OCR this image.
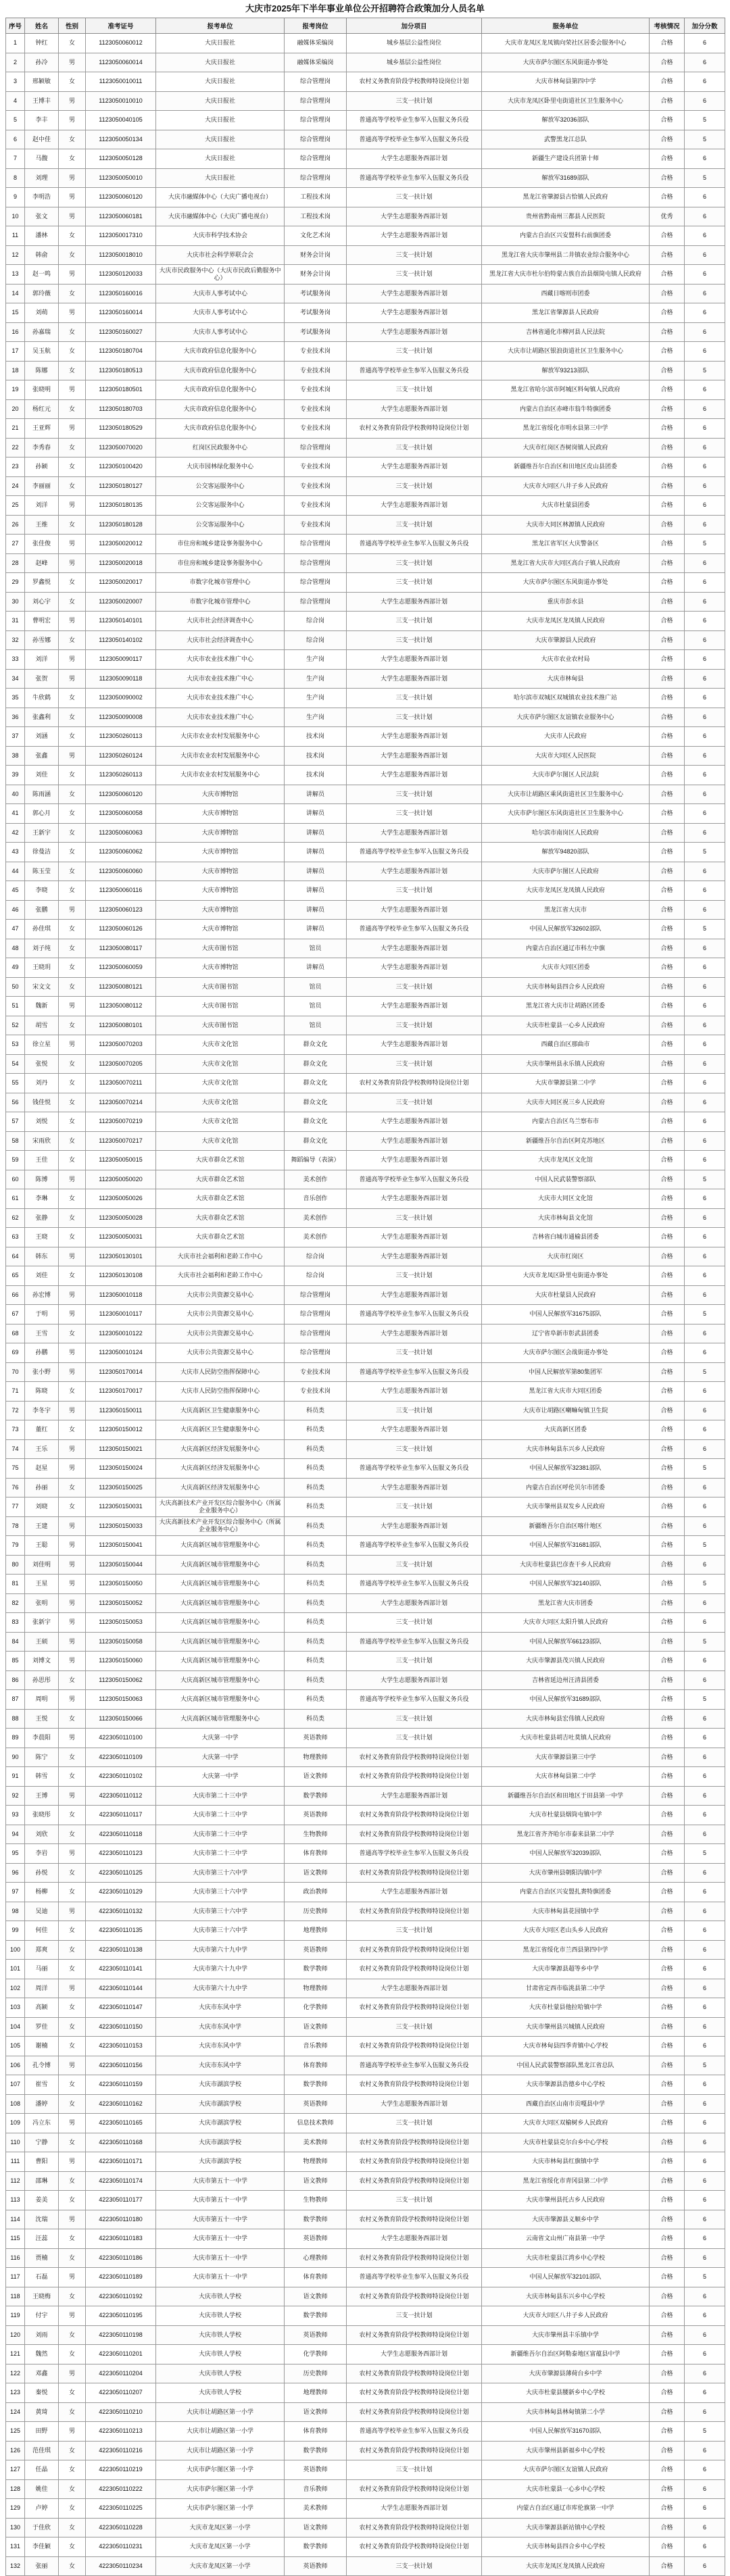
大庆市2025年下半年事业单位公开招聘符合政策加分人员名单
序号	姓名	性别	准考证号	报考单位	报考岗位	加分项目	服务单位	考核情况	加分分数
1	钟红	女	1123050060012	大庆日报社	融媒体采编岗	城乡基层公益性岗位	大庆市龙凤区龙凤镇向荣社区居委会服务中心	合格	6
2	孙冷	男	1123050060014	大庆日报社	融媒体采编岗	城乡基层公益性岗位	大庆市萨尔图区东风街道办事处	合格	6
3	邢颖敏	女	1123050010011	大庆日报社	综合管理岗	农村义务教育阶段学校教师特设岗位计划	大庆市林甸县第四中学	合格	6
4	王博丰	男	1123050010010	大庆日报社	综合管理岗	三支一扶计划	大庆市龙凤区卧里屯街道社区卫生服务中心	合格	6
5	李丰	男	1123050040105	大庆日报社	综合管理岗	普通高等学校毕业生参军入伍服义务兵役	解放军32036部队	合格	5
6	赵中佳	女	1123050050134	大庆日报社	综合管理岗	普通高等学校毕业生参军入伍服义务兵役	武警黑龙江总队	合格	5
7	马馥	女	1123050050128	大庆日报社	综合管理岗	大学生志愿服务西部计划	新疆生产建设兵团第十师	合格	6
8	刘理	男	1123050050010	大庆日报社	综合管理岗	普通高等学校毕业生参军入伍服义务兵役	解放军31689部队	合格	5
9	李明浩	男	1123050060120	大庆市融媒体中心（大庆广播电视台）	工程技术岗	三支一扶计划	黑龙江省肇源县古恰镇人民政府	合格	6
10	张文	男	1123050060181	大庆市融媒体中心（大庆广播电视台）	工程技术岗	大学生志愿服务西部计划	贵州省黔南州三都县人民医院	优秀	6
11	潘林	女	1123050017310	大庆市科学技术协会	文化艺术岗	大学生志愿服务西部计划	内蒙古自治区兴安盟科右前旗团委	合格	6
12	韩俞	女	1123050018010	大庆市社会科学界联合会	财务会计岗	三支一扶计划	黑龙江省大庆市肇州县二井镇农业综合服务中心	合格	6
13	赵一鸣	男	1123050120033	大庆市民政服务中心（大庆市民政后勤服务中心）	财务会计岗	三支一扶计划	黑龙江省大庆市杜尔伯特蒙古族自治县烟筒屯镇人民政府	合格	6
14	郭玲薇	女	1123050160016	大庆市人事考试中心	考试服务岗	大学生志愿服务西部计划	西藏日喀则市团委	合格	6
15	刘萌	男	1123050160014	大庆市人事考试中心	考试服务岗	大学生志愿服务西部计划	黑龙江省肇源县人民政府	合格	6
16	孙嘉瑞	女	1123050160027	大庆市人事考试中心	考试服务岗	大学生志愿服务西部计划	吉林省通化市柳河县人民法院	合格	6
17	吴玉航	女	1123050180704	大庆市政府信息化服务中心	专业技术岗	三支一扶计划	大庆市让胡路区银浪街道社区卫生服务中心	合格	6
18	陈娜	女	1123050180513	大庆市政府信息化服务中心	专业技术岗	普通高等学校毕业生参军入伍服义务兵役	解放军93213部队	合格	5
19	张晓明	男	1123050180501	大庆市政府信息化服务中心	专业技术岗	三支一扶计划	黑龙江省哈尔滨市阿城区料甸镇人民政府	合格	6
20	杨红元	女	1123050180703	大庆市政府信息化服务中心	专业技术岗	大学生志愿服务西部计划	内蒙古自治区赤峰市翁牛特旗团委	合格	6
21	王亚辉	男	1123050180529	大庆市政府信息化服务中心	专业技术岗	农村义务教育阶段学校教师特设岗位计划	黑龙江省绥化市明水县第三中学	合格	6
22	李秀春	女	1123050070020	红岗区民政服务中心	综合管理岗	三支一扶计划	大庆市红岗区杏树岗镇人民政府	合格	6
23	孙颖	女	1123050100420	大庆市园林绿化服务中心	专业技术岗	大学生志愿服务西部计划	新疆维吾尔自治区和田地区皮山县团委	合格	6
24	李丽丽	女	1123050180127	公交客运服务中心	专业技术岗	三支一扶计划	大庆市大同区八井子乡人民政府	合格	6
25	刘洋	男	1123050180135	公交客运服务中心	专业技术岗	大学生志愿服务西部计划	大庆市杜蒙县团委	合格	6
26	王维	女	1123050180128	公交客运服务中心	专业技术岗	三支一扶计划	大庆市大同区林源镇人民政府	合格	6
27	张佳俊	男	1123050020012	市住房和城乡建设事务服务中心	综合管理岗	普通高等学校毕业生参军入伍服义务兵役	黑龙江省军区大庆警备区	合格	5
28	赵峰	男	1123050020018	市住房和城乡建设事务服务中心	综合管理岗	三支一扶计划	黑龙江省大庆市大同区高台子镇人民政府	合格	6
29	罗鑫悦	女	1123050020017	市数字化城市管理中心	综合管理岗	三支一扶计划	大庆市萨尔图区东风街道办事处	合格	6
30	刘心宇	女	1123050020007	市数字化城市管理中心	综合管理岗	大学生志愿服务西部计划	重庆市彭水县	合格	6
31	曹明宏	男	1123050140101	大庆市社会经济调查中心	综合岗	三支一扶计划	大庆市龙凤区龙凤镇人民政府	合格	6
32	孙雪娜	女	1123050140102	大庆市社会经济调查中心	综合岗	三支一扶计划	大庆市肇源县人民政府	合格	6
33	刘洋	男	1123050090117	大庆市农业技术推广中心	生产岗	大学生志愿服务西部计划	大庆市农业农村局	合格	6
34	张贺	男	1123050090118	大庆市农业技术推广中心	生产岗	大学生志愿服务西部计划	大庆市林甸县	合格	6
35	牛欣鹤	女	1123050090002	大庆市农业技术推广中心	生产岗	三支一扶计划	哈尔滨市双城区双城镇农业技术推广站	合格	6
36	张鑫利	女	1123050090008	大庆市农业技术推广中心	生产岗	三支一扶计划	大庆市萨尔图区友谊镇农业服务中心	合格	6
37	刘涵	女	1123050260113	大庆市农业农村发展服务中心	技术岗	大学生志愿服务西部计划	大庆市人民政府	合格	6
38	张鑫	男	1123050260124	大庆市农业农村发展服务中心	技术岗	大学生志愿服务西部计划	大庆市大同区人民医院	合格	6
39	刘佳	女	1123050260113	大庆市农业农村发展服务中心	技术岗	大学生志愿服务西部计划	大庆市萨尔图区人民法院	合格	6
40	陈雨涵	女	1123050060120	大庆市博物馆	讲解员	三支一扶计划	大庆市让胡路区乘风街道社区卫生服务中心	合格	6
41	郭心月	女	1123050060058	大庆市博物馆	讲解员	三支一扶计划	大庆市萨尔图区东风街道社区卫生服务中心	合格	6
42	王新宇	女	1123050060063	大庆市博物馆	讲解员	大学生志愿服务西部计划	哈尔滨市南岗区人民政府	合格	6
43	徐曼洁	女	1123050060062	大庆市博物馆	讲解员	普通高等学校毕业生参军入伍服义务兵役	解放军94820部队	合格	5
44	陈玉莹	女	1123050060060	大庆市博物馆	讲解员	大学生志愿服务西部计划	大庆市萨尔图区人民政府	合格	6
45	李晓	女	1123050060116	大庆市博物馆	讲解员	三支一扶计划	大庆市龙凤区龙凤镇人民政府	合格	6
46	张鹏	男	1123050060123	大庆市博物馆	讲解员	大学生志愿服务西部计划	黑龙江省大庆市	合格	6
47	孙佳琪	女	1123050060126	大庆市博物馆	讲解员	普通高等学校毕业生参军入伍服义务兵役	中国人民解放军32602部队	合格	5
48	刘子纯	女	1123050080117	大庆市图书馆	馆员	大学生志愿服务西部计划	内蒙古自治区通辽市科左中旗	合格	6
49	王晓玥	女	1123050060059	大庆市博物馆	讲解员	大学生志愿服务西部计划	大庆市大同区团委	合格	6
50	宋文文	女	1123050080121	大庆市图书馆	馆员	三支一扶计划	大庆市林甸县四合乡人民政府	合格	6
51	魏新	男	1123050080112	大庆市图书馆	馆员	大学生志愿服务西部计划	黑龙江省大庆市让胡路区团委	合格	6
52	胡雪	女	1123050080101	大庆市图书馆	馆员	三支一扶计划	大庆市杜蒙县一心乡人民政府	合格	6
53	徐立星	男	1123050070203	大庆市文化馆	群众文化	大学生志愿服务西部计划	西藏自治区那曲市	合格	6
54	张悦	女	1123050070205	大庆市文化馆	群众文化	三支一扶计划	大庆市肇州县永乐镇人民政府	合格	6
55	刘丹	女	1123050070211	大庆市文化馆	群众文化	农村义务教育阶段学校教师特设岗位计划	大庆市肇源县第二中学	合格	6
56	钱佳悦	女	1123050070214	大庆市文化馆	群众文化	三支一扶计划	大庆市大同区祝三乡人民政府	合格	6
57	刘悦	女	1123050070219	大庆市文化馆	群众文化	大学生志愿服务西部计划	内蒙古自治区乌兰察布市	合格	6
58	宋雨欣	女	1123050070217	大庆市文化馆	群众文化	大学生志愿服务西部计划	新疆维吾尔自治区阿克苏地区	合格	6
59	王佳	女	1123050050015	大庆市群众艺术馆	舞蹈编导（表演）	大学生志愿服务西部计划	大庆市龙凤区文化馆	合格	6
60	陈博	男	1123050050020	大庆市群众艺术馆	美术创作	普通高等学校毕业生参军入伍服义务兵役	中国人民武装警察部队	合格	5
61	李琳	女	1123050050026	大庆市群众艺术馆	音乐创作	大学生志愿服务西部计划	大庆市大同区文化馆	合格	6
62	张静	女	1123050050028	大庆市群众艺术馆	美术创作	三支一扶计划	大庆市林甸县文化馆	合格	6
63	王晓	女	1123050050031	大庆市群众艺术馆	美术创作	大学生志愿服务西部计划	吉林省白城市通榆县团委	合格	6
64	韩东	男	1123050130101	大庆市社会福利和老龄工作中心	综合岗	大学生志愿服务西部计划	大庆市红岗区	合格	6
65	刘佳	女	1123050130108	大庆市社会福利和老龄工作中心	综合岗	三支一扶计划	大庆市龙凤区卧里屯街道办事处	合格	6
66	孙宏博	男	1123050010118	大庆市公共资源交易中心	综合管理岗	大学生志愿服务西部计划	大庆市杜蒙县人民政府	合格	6
67	于明	男	1123050010117	大庆市公共资源交易中心	综合管理岗	普通高等学校毕业生参军入伍服义务兵役	中国人民解放军31675部队	合格	5
68	王雪	女	1123050010122	大庆市公共资源交易中心	综合管理岗	大学生志愿服务西部计划	辽宁省阜新市彰武县团委	合格	6
69	孙鹏	男	1123050010124	大庆市公共资源交易中心	综合管理岗	三支一扶计划	大庆市萨尔图区会战街道办事处	合格	6
70	张小野	男	1123050170014	大庆市人民防空指挥保障中心	专业技术岗	普通高等学校毕业生参军入伍服义务兵役	中国人民解放军第80集团军	合格	5
71	陈晓	女	1123050170017	大庆市人民防空指挥保障中心	专业技术岗	大学生志愿服务西部计划	黑龙江省大庆市大同区团委	合格	6
72	李冬宇	男	1123050150011	大庆高新区卫生健康服务中心	科员类	三支一扶计划	大庆市让胡路区喇嘛甸镇卫生院	合格	6
73	董红	女	1123050150012	大庆高新区卫生健康服务中心	科员类	大学生志愿服务西部计划	大庆高新区团委	合格	6
74	王乐	男	1123050150021	大庆高新区经济发展服务中心	科员类	三支一扶计划	大庆市林甸县东兴乡人民政府	合格	6
75	赵星	男	1123050150024	大庆高新区经济发展服务中心	科员类	普通高等学校毕业生参军入伍服义务兵役	中国人民解放军32381部队	合格	5
76	孙丽	女	1123050150025	大庆高新区经济发展服务中心	科员类	大学生志愿服务西部计划	内蒙古自治区呼伦贝尔市团委	合格	6
77	刘晓	女	1123050150031	大庆高新技术产业开发区综合服务中心（所属企业服务中心）	科员类	三支一扶计划	大庆市肇州县双发乡人民政府	合格	6
78	王建	男	1123050150033	大庆高新技术产业开发区综合服务中心（所属企业服务中心）	科员类	大学生志愿服务西部计划	新疆维吾尔自治区喀什地区	合格	6
79	王聪	男	1123050150041	大庆高新区城市管理服务中心	科员类	普通高等学校毕业生参军入伍服义务兵役	中国人民解放军31681部队	合格	5
80	刘佳明	男	1123050150044	大庆高新区城市管理服务中心	科员类	三支一扶计划	大庆市杜蒙县巴彦查干乡人民政府	合格	6
81	王星	男	1123050150050	大庆高新区城市管理服务中心	科员类	普通高等学校毕业生参军入伍服义务兵役	中国人民解放军32140部队	合格	5
82	张明	男	1123050150052	大庆高新区城市管理服务中心	科员类	大学生志愿服务西部计划	黑龙江省大庆市团委	合格	6
83	张新宇	男	1123050150053	大庆高新区城市管理服务中心	科员类	三支一扶计划	大庆市大同区太阳升镇人民政府	合格	6
84	王硕	男	1123050150058	大庆高新区城市管理服务中心	科员类	普通高等学校毕业生参军入伍服义务兵役	中国人民解放军66123部队	合格	5
85	刘博文	男	1123050150060	大庆高新区城市管理服务中心	科员类	三支一扶计划	大庆市肇源县茂兴镇人民政府	合格	6
86	孙思彤	女	1123050150062	大庆高新区城市管理服务中心	科员类	大学生志愿服务西部计划	吉林省延边州汪清县团委	合格	6
87	周明	男	1123050150063	大庆高新区城市管理服务中心	科员类	普通高等学校毕业生参军入伍服义务兵役	中国人民解放军31689部队	合格	5
88	王悦	女	1123050150066	大庆高新区城市管理服务中心	科员类	三支一扶计划	大庆市林甸县宏伟镇人民政府	合格	6
89	李晨阳	男	4223050110100	大庆第一中学	英语教师	三支一扶计划	大庆市杜蒙县胡吉吐莫镇人民政府	合格	6
90	陈宁	女	4223050110109	大庆第一中学	物理教师	农村义务教育阶段学校教师特设岗位计划	大庆市肇源县第三中学	合格	6
91	韩雪	女	4223050110102	大庆第一中学	语文教师	农村义务教育阶段学校教师特设岗位计划	大庆市林甸县第二中学	合格	6
92	王博	男	4223050110112	大庆市第二十三中学	数学教师	大学生志愿服务西部计划	新疆维吾尔自治区和田地区于田县第一中学	合格	6
93	张晓彤	女	4223050110117	大庆市第二十三中学	英语教师	农村义务教育阶段学校教师特设岗位计划	大庆市杜蒙县烟筒屯镇中学	合格	6
94	刘欣	女	4223050110118	大庆市第二十三中学	生物教师	农村义务教育阶段学校教师特设岗位计划	黑龙江省齐齐哈尔市泰来县第二中学	合格	6
95	李岩	男	4223050110123	大庆市第二十三中学	体育教师	普通高等学校毕业生参军入伍服义务兵役	中国人民解放军32039部队	合格	5
96	孙悦	女	4223050110125	大庆市第三十六中学	语文教师	农村义务教育阶段学校教师特设岗位计划	大庆市肇州县朝阳沟镇中学	合格	6
97	杨柳	女	4223050110129	大庆市第三十六中学	政治教师	大学生志愿服务西部计划	内蒙古自治区兴安盟扎赉特旗团委	合格	6
98	吴迪	男	4223050110132	大庆市第三十六中学	历史教师	农村义务教育阶段学校教师特设岗位计划	大庆市林甸县花园镇中学	合格	6
99	何佳	女	4223050110135	大庆市第三十六中学	地理教师	三支一扶计划	大庆市大同区老山头乡人民政府	合格	6
100	郑爽	女	4223050110138	大庆市第六十九中学	英语教师	农村义务教育阶段学校教师特设岗位计划	黑龙江省绥化市兰西县第四中学	合格	6
101	马丽	女	4223050110141	大庆市第六十九中学	数学教师	农村义务教育阶段学校教师特设岗位计划	大庆市肇源县超等乡中学	合格	6
102	周洋	男	4223050110144	大庆市第六十九中学	物理教师	大学生志愿服务西部计划	甘肃省定西市临洮县第二中学	合格	6
103	高颖	女	4223050110147	大庆市东风中学	化学教师	农村义务教育阶段学校教师特设岗位计划	大庆市杜蒙县他拉哈镇中学	合格	6
104	罗佳	女	4223050110150	大庆市东风中学	语文教师	三支一扶计划	大庆市肇州县兴城镇人民政府	合格	6
105	谢楠	女	4223050110153	大庆市东风中学	音乐教师	农村义务教育阶段学校教师特设岗位计划	大庆市林甸县四季青镇中心学校	合格	6
106	孔令博	男	4223050110156	大庆市东风中学	体育教师	普通高等学校毕业生参军入伍服义务兵役	中国人民武装警察部队黑龙江省总队	合格	5
107	崔雪	女	4223050110159	大庆市湖滨学校	数学教师	农村义务教育阶段学校教师特设岗位计划	大庆市肇源县浩德乡中心学校	合格	6
108	潘婷	女	4223050110162	大庆市湖滨学校	英语教师	大学生志愿服务西部计划	西藏自治区山南市贡嘎县中学	合格	6
109	冯立东	男	4223050110165	大庆市湖滨学校	信息技术教师	三支一扶计划	大庆市大同区双榆树乡人民政府	合格	6
110	宁静	女	4223050110168	大庆市湖滨学校	美术教师	农村义务教育阶段学校教师特设岗位计划	大庆市杜蒙县克尔台乡中心学校	合格	6
111	曹阳	男	4223050110171	大庆市湖滨学校	物理教师	农村义务教育阶段学校教师特设岗位计划	大庆市林甸县红旗镇中学	合格	6
112	邵琳	女	4223050110174	大庆市第五十一中学	语文教师	农村义务教育阶段学校教师特设岗位计划	黑龙江省绥化市青冈县第二中学	合格	6
113	姜美	女	4223050110177	大庆市第五十一中学	生物教师	三支一扶计划	大庆市肇州县托古乡人民政府	合格	6
114	沈瑞	男	4223050110180	大庆市第五十一中学	数学教师	农村义务教育阶段学校教师特设岗位计划	大庆市肇源县义顺乡中学	合格	6
115	汪蕊	女	4223050110183	大庆市第五十一中学	英语教师	大学生志愿服务西部计划	云南省文山州广南县第一中学	合格	6
116	贾楠	女	4223050110186	大庆市第五十一中学	心理教师	农村义务教育阶段学校教师特设岗位计划	大庆市杜蒙县江湾乡中心学校	合格	6
117	石磊	男	4223050110189	大庆市第五十一中学	体育教师	普通高等学校毕业生参军入伍服义务兵役	中国人民解放军32101部队	合格	5
118	王晓梅	女	4223050110192	大庆市铁人学校	语文教师	农村义务教育阶段学校教师特设岗位计划	大庆市林甸县东兴乡中心学校	合格	6
119	付宇	男	4223050110195	大庆市铁人学校	数学教师	三支一扶计划	大庆市大同区八井子乡人民政府	合格	6
120	刘雨	女	4223050110198	大庆市铁人学校	英语教师	农村义务教育阶段学校教师特设岗位计划	大庆市肇州县丰乐镇中学	合格	6
121	魏然	女	4223050110201	大庆市铁人学校	化学教师	大学生志愿服务西部计划	新疆维吾尔自治区阿勒泰地区富蕴县中学	合格	6
122	邓鑫	男	4223050110204	大庆市铁人学校	历史教师	农村义务教育阶段学校教师特设岗位计划	大庆市肇源县薄荷台乡中学	合格	6
123	秦悦	女	4223050110207	大庆市铁人学校	地理教师	农村义务教育阶段学校教师特设岗位计划	大庆市杜蒙县腰新乡中心学校	合格	6
124	黄琦	女	4223050110210	大庆市让胡路区第一小学	语文教师	农村义务教育阶段学校教师特设岗位计划	大庆市林甸县林甸镇第二小学	合格	6
125	田野	男	4223050110213	大庆市让胡路区第一小学	体育教师	普通高等学校毕业生参军入伍服义务兵役	中国人民解放军31670部队	合格	5
126	范佳琪	女	4223050110216	大庆市让胡路区第一小学	数学教师	农村义务教育阶段学校教师特设岗位计划	大庆市肇州县新福乡中心学校	合格	6
127	任晶	女	4223050110219	大庆市萨尔图区第一小学	英语教师	三支一扶计划	大庆市萨尔图区友谊镇人民政府	合格	6
128	姚佳	女	4223050110222	大庆市萨尔图区第一小学	音乐教师	农村义务教育阶段学校教师特设岗位计划	大庆市杜蒙县一心乡中心学校	合格	6
129	卢婷	女	4223050110225	大庆市萨尔图区第一小学	美术教师	大学生志愿服务西部计划	内蒙古自治区通辽市库伦旗第一中学	合格	6
130	于佳欣	女	4223050110228	大庆市龙凤区第一小学	语文教师	农村义务教育阶段学校教师特设岗位计划	大庆市肇源县新站镇中心学校	合格	6
131	李佳颖	女	4223050110231	大庆市龙凤区第一小学	数学教师	农村义务教育阶段学校教师特设岗位计划	大庆市林甸县四合乡中心学校	合格	6
132	张丽	女	4223050110234	大庆市龙凤区第一小学	英语教师	三支一扶计划	大庆市龙凤区龙凤镇人民政府	合格	6
